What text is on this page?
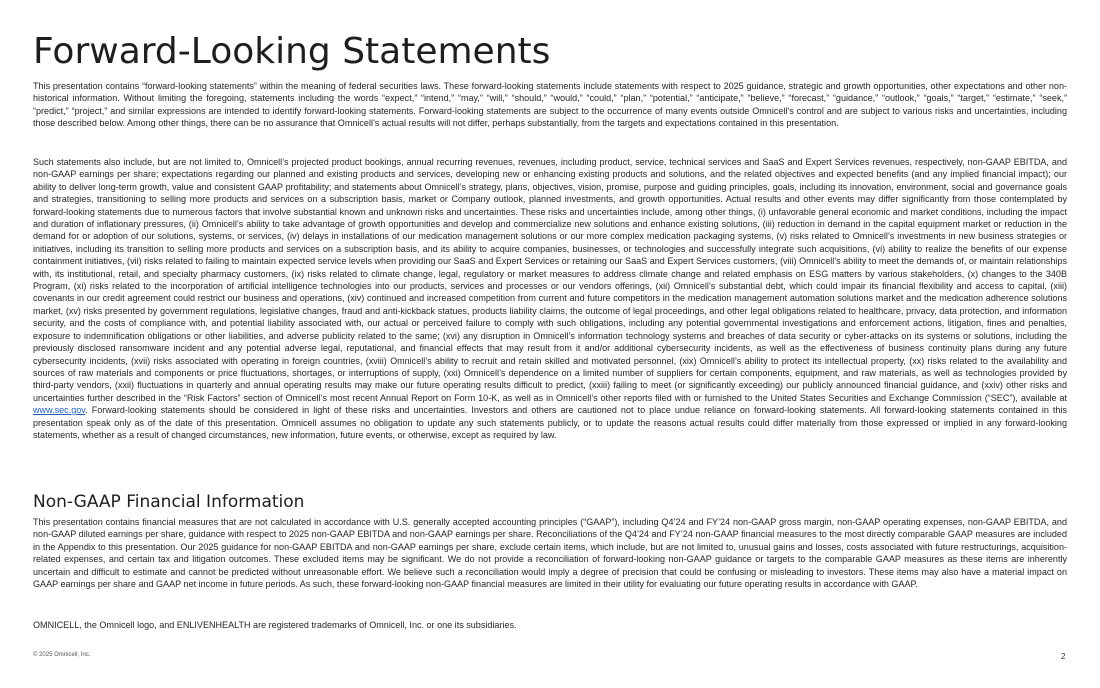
Forward-Looking Statements

This presentation contains “forward-looking statements” within the meaning of federal securities laws. These forward-looking statements include statements with respect to 2025 guidance, strategic and growth opportunities, other expectations and other non-historical information. Without limiting the foregoing, statements including the words “expect,” “intend,” “may,” “will,” “should,” “would,” “could,” “plan,” “potential,” “anticipate,” “believe,” “forecast,” “guidance,” “outlook,” “goals,” “target,” “estimate,” “seek,” “predict,” “project,” and similar expressions are intended to identify forward-looking statements. Forward-looking statements are subject to the occurrence of many events outside Omnicell’s control and are subject to various risks and uncertainties, including those described below. Among other things, there can be no assurance that Omnicell’s actual results will not differ, perhaps substantially, from the targets and expectations contained in this presentation.

Such statements also include, but are not limited to, Omnicell’s projected product bookings, annual recurring revenues, revenues, including product, service, technical services and SaaS and Expert Services revenues, respectively, non-GAAP EBITDA, and non-GAAP earnings per share; expectations regarding our planned and existing products and services, developing new or enhancing existing products and solutions, and the related objectives and expected benefits (and any implied financial impact); our ability to deliver long-term growth, value and consistent GAAP profitability; and statements about Omnicell’s strategy, plans, objectives, vision, promise, purpose and guiding principles, goals, including its innovation, environment, social and governance goals and strategies, transitioning to selling more products and services on a subscription basis, market or Company outlook, planned investments, and growth opportunities. Actual results and other events may differ significantly from those contemplated by forward-looking statements due to numerous factors that involve substantial known and unknown risks and uncertainties. These risks and uncertainties include, among other things, (i) unfavorable general economic and market conditions, including the impact and duration of inflationary pressures, (ii) Omnicell’s ability to take advantage of growth opportunities and develop and commercialize new solutions and enhance existing solutions, (iii) reduction in demand in the capital equipment market or reduction in the demand for or adoption of our solutions, systems, or services, (iv) delays in installations of our medication management solutions or our more complex medication packaging systems, (v) risks related to Omnicell’s investments in new business strategies or initiatives, including its transition to selling more products and services on a subscription basis, and its ability to acquire companies, businesses, or technologies and successfully integrate such acquisitions, (vi) ability to realize the benefits of our expense containment initiatives, (vii) risks related to failing to maintain expected service levels when providing our SaaS and Expert Services or retaining our SaaS and Expert Services customers, (viii) Omnicell’s ability to meet the demands of, or maintain relationships with, its institutional, retail, and specialty pharmacy customers, (ix) risks related to climate change, legal, regulatory or market measures to address climate change and related emphasis on ESG matters by various stakeholders, (x) changes to the 340B Program, (xi) risks related to the incorporation of artificial intelligence technologies into our products, services and processes or our vendors offerings, (xii) Omnicell’s substantial debt, which could impair its financial flexibility and access to capital, (xiii) covenants in our credit agreement could restrict our business and operations, (xiv) continued and increased competition from current and future competitors in the medication management automation solutions market and the medication adherence solutions market, (xv) risks presented by government regulations, legislative changes, fraud and anti-kickback statues, products liability claims, the outcome of legal proceedings, and other legal obligations related to healthcare, privacy, data protection, and information security, and the costs of compliance with, and potential liability associated with, our actual or perceived failure to comply with such obligations, including any potential governmental investigations and enforcement actions, litigation, fines and penalties, exposure to indemnification obligations or other liabilities, and adverse publicity related to the same; (xvi) any disruption in Omnicell’s information technology systems and breaches of data security or cyber-attacks on its systems or solutions, including the previously disclosed ransomware incident and any potential adverse legal, reputational, and financial effects that may result from it and/or additional cybersecurity incidents, as well as the effectiveness of business continuity plans during any future cybersecurity incidents, (xvii) risks associated with operating in foreign countries, (xviii) Omnicell’s ability to recruit and retain skilled and motivated personnel, (xix) Omnicell’s ability to protect its intellectual property, (xx) risks related to the availability and sources of raw materials and components or price fluctuations, shortages, or interruptions of supply, (xxi) Omnicell’s dependence on a limited number of suppliers for certain components, equipment, and raw materials, as well as technologies provided by third-party vendors, (xxii) fluctuations in quarterly and annual operating results may make our future operating results difficult to predict, (xxiii) failing to meet (or significantly exceeding) our publicly announced financial guidance, and (xxiv) other risks and uncertainties further described in the “Risk Factors” section of Omnicell’s most recent Annual Report on Form 10-K, as well as in Omnicell’s other reports filed with or furnished to the United States Securities and Exchange Commission (“SEC”), available at www.sec.gov. Forward-looking statements should be considered in light of these risks and uncertainties. Investors and others are cautioned not to place undue reliance on forward-looking statements. All forward-looking statements contained in this presentation speak only as of the date of this presentation. Omnicell assumes no obligation to update any such statements publicly, or to update the reasons actual results could differ materially from those expressed or implied in any forward-looking statements, whether as a result of changed circumstances, new information, future events, or otherwise, except as required by law.

Non-GAAP Financial Information

This presentation contains financial measures that are not calculated in accordance with U.S. generally accepted accounting principles (“GAAP”), including Q4’24 and FY’24 non-GAAP gross margin, non-GAAP operating expenses, non-GAAP EBITDA, and non-GAAP diluted earnings per share, guidance with respect to 2025 non-GAAP EBITDA and non-GAAP earnings per share. Reconciliations of the Q4’24 and FY’24 non-GAAP financial measures to the most directly comparable GAAP measures are included in the Appendix to this presentation. Our 2025 guidance for non-GAAP EBITDA and non-GAAP earnings per share, exclude certain items, which include, but are not limited to, unusual gains and losses, costs associated with future restructurings, acquisition-related expenses, and certain tax and litigation outcomes. These excluded items may be significant. We do not provide a reconciliation of forward-looking non-GAAP guidance or targets to the comparable GAAP measures as these items are inherently uncertain and difficult to estimate and cannot be predicted without unreasonable effort. We believe such a reconciliation would imply a degree of precision that could be confusing or misleading to investors. These items may also have a material impact on GAAP earnings per share and GAAP net income in future periods. As such, these forward-looking non-GAAP financial measures are limited in their utility for evaluating our future operating results in accordance with GAAP.

OMNICELL, the Omnicell logo, and ENLIVENHEALTH are registered trademarks of Omnicell, Inc. or one its subsidiaries.

© 2025 Omnicell, Inc.	2
